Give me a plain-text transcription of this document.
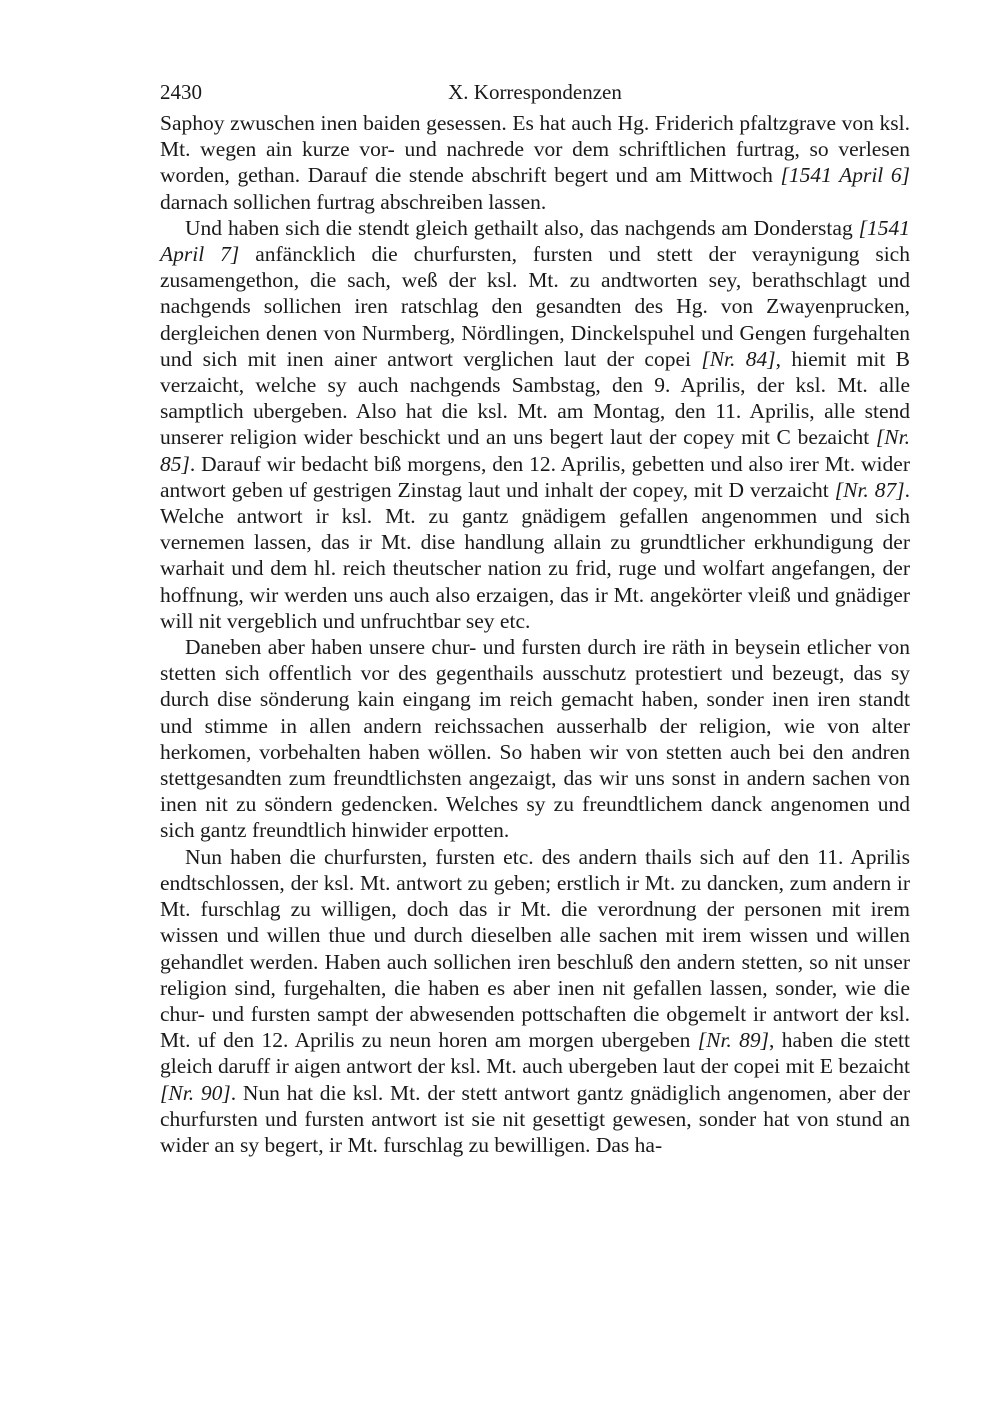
2430	X. Korrespondenzen

Saphoy zwuschen inen baiden gesessen. Es hat auch Hg. Friderich pfaltzgrave von ksl. Mt. wegen ain kurze vor- und nachrede vor dem schriftlichen furtrag, so verlesen worden, gethan. Darauf die stende abschrift begert und am Mittwoch [1541 April 6] darnach sollichen furtrag abschreiben lassen.

Und haben sich die stendt gleich gethailt also, das nachgends am Donderstag [1541 April 7] anfäncklich die churfursten, fursten und stett der veraynigung sich zusamengethon, die sach, weß der ksl. Mt. zu andtworten sey, berathschlagt und nachgends sollichen iren ratschlag den gesandten des Hg. von Zwayenprucken, dergleichen denen von Nurmberg, Nördlingen, Dinckelspuhel und Gengen furgehalten und sich mit inen ainer antwort verglichen laut der copei [Nr. 84], hiemit mit B verzaicht, welche sy auch nachgends Sambstag, den 9. Aprilis, der ksl. Mt. alle samptlich ubergeben. Also hat die ksl. Mt. am Montag, den 11. Aprilis, alle stend unserer religion wider beschickt und an uns begert laut der copey mit C bezaicht [Nr. 85]. Darauf wir bedacht biß morgens, den 12. Aprilis, gebetten und also irer Mt. wider antwort geben uf gestrigen Zinstag laut und inhalt der copey, mit D verzaicht [Nr. 87]. Welche antwort ir ksl. Mt. zu gantz gnädigem gefallen angenommen und sich vernemen lassen, das ir Mt. dise handlung allain zu grundtlicher erkhundigung der warhait und dem hl. reich theutscher nation zu frid, ruge und wolfart angefangen, der hoffnung, wir werden uns auch also erzaigen, das ir Mt. angekörter vleiß und gnädiger will nit vergeblich und unfruchtbar sey etc.

Daneben aber haben unsere chur- und fursten durch ire räth in beysein etlicher von stetten sich offentlich vor des gegenthails ausschutz protestiert und bezeugt, das sy durch dise sönderung kain eingang im reich gemacht haben, sonder inen iren standt und stimme in allen andern reichssachen ausserhalb der religion, wie von alter herkomen, vorbehalten haben wöllen. So haben wir von stetten auch bei den andren stettgesandten zum freundtlichsten angezaigt, das wir uns sonst in andern sachen von inen nit zu söndern gedencken. Welches sy zu freundtlichem danck angenomen und sich gantz freundtlich hinwider erpotten.

Nun haben die churfursten, fursten etc. des andern thails sich auf den 11. Aprilis endtschlossen, der ksl. Mt. antwort zu geben; erstlich ir Mt. zu dancken, zum andern ir Mt. furschlag zu willigen, doch das ir Mt. die verordnung der personen mit irem wissen und willen thue und durch dieselben alle sachen mit irem wissen und willen gehandlet werden. Haben auch sollichen iren beschluß den andern stetten, so nit unser religion sind, furgehalten, die haben es aber inen nit gefallen lassen, sonder, wie die chur- und fursten sampt der abwesenden pottschaften die obgemelt ir antwort der ksl. Mt. uf den 12. Aprilis zu neun horen am morgen ubergeben [Nr. 89], haben die stett gleich daruff ir aigen antwort der ksl. Mt. auch ubergeben laut der copei mit E bezaicht [Nr. 90]. Nun hat die ksl. Mt. der stett antwort gantz gnädiglich angenomen, aber der churfursten und fursten antwort ist sie nit gesettigt gewesen, sonder hat von stund an wider an sy begert, ir Mt. furschlag zu bewilligen. Das ha-
